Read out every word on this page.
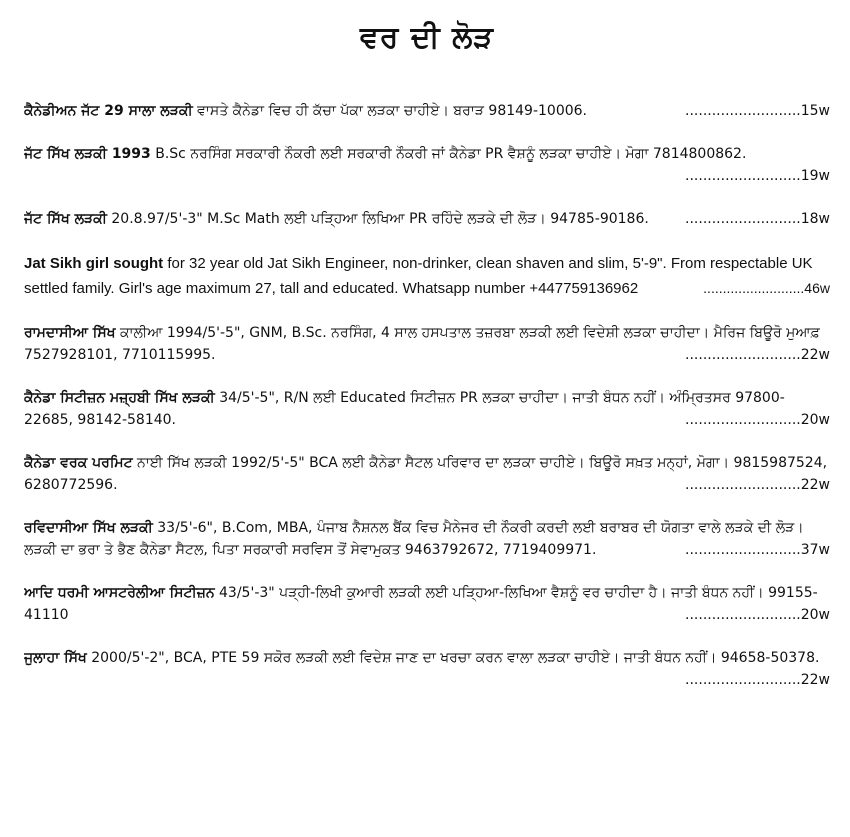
ਵਰ ਦੀ ਲੋੜ
ਕੈਨੇਡੀਅਨ ਜੱਟ 29 ਸਾਲਾ ਲੜਕੀ ਵਾਸਤੇ ਕੈਨੇਡਾ ਵਿਚ ਹੀ ਕੱਚਾ ਪੱਕਾ ਲੜਕਾ ਚਾਹੀਏ। ਬਰਾੜ 98149-10006.	..........................15w
ਜੱਟ ਸਿੱਖ ਲੜਕੀ 1993 B.Sc ਨਰਸਿੰਗ ਸਰਕਾਰੀ ਨੌਕਰੀ ਲਈ ਸਰਕਾਰੀ ਨੌਕਰੀ ਜਾਂ ਕੈਨੇਡਾ PR ਵੈਸ਼ਨੂੰ ਲੜਕਾ ਚਾਹੀਏ। ਮੋਗਾ 7814800862.
..........................19w
ਜੱਟ ਸਿੱਖ ਲੜਕੀ 20.8.97/5'-3" M.Sc Math ਲਈ ਪੜ੍ਹਿਆ ਲਿਖਿਆ PR ਰਹਿੰਦੇ ਲੜਕੇ ਦੀ ਲੋੜ। 94785-90186.	..........................18w
Jat Sikh girl sought for 32 year old Jat Sikh Engineer, non-drinker, clean shaven and slim, 5'-9". From respectable UK settled family. Girl's age maximum 27, tall and educated. Whatsapp number +447759136962	..........................46w
ਰਾਮਦਾਸੀਆ ਸਿੱਖ ਕਾਲੀਆ 1994/5'-5", GNM, B.Sc. ਨਰਸਿੰਗ, 4 ਸਾਲ ਹਸਪਤਾਲ ਤਜ਼ਰਬਾ ਲੜਕੀ ਲਈ ਵਿਦੇਸ਼ੀ ਲੜਕਾ ਚਾਹੀਦਾ। ਮੈਰਿਜ ਬਿਊਰੋ ਮੁਆਫ਼ 7527928101, 7710115995.	..........................22w
ਕੈਨੇਡਾ ਸਿਟੀਜ਼ਨ ਮਜ਼੍ਹਬੀ ਸਿੱਖ ਲੜਕੀ 34/5'-5", R/N ਲਈ Educated ਸਿਟੀਜ਼ਨ PR ਲੜਕਾ ਚਾਹੀਦਾ। ਜਾਤੀ ਬੰਧਨ ਨਹੀਂ। ਅੰਮ੍ਰਿਤਸਰ 97800-22685, 98142-58140.	..........................20w
ਕੈਨੇਡਾ ਵਰਕ ਪਰਮਿਟ ਨਾਈ ਸਿੱਖ ਲੜਕੀ 1992/5'-5" BCA ਲਈ ਕੈਨੇਡਾ ਸੈਟਲ ਪਰਿਵਾਰ ਦਾ ਲੜਕਾ ਚਾਹੀਏ। ਬਿਊਰੋ ਸਖ਼ਤ ਮਨ੍ਹਾਂ, ਮੋਗਾ। 9815987524, 6280772596.	..........................22w
ਰਵਿਦਾਸੀਆ ਸਿੱਖ ਲੜਕੀ 33/5'-6", B.Com, MBA, ਪੰਜਾਬ ਨੈਸ਼ਨਲ ਬੈਂਕ ਵਿਚ ਮੈਨੇਜਰ ਦੀ ਨੌਕਰੀ ਕਰਦੀ ਲਈ ਬਰਾਬਰ ਦੀ ਯੋਗਤਾ ਵਾਲੇ ਲੜਕੇ ਦੀ ਲੋੜ। ਲੜਕੀ ਦਾ ਭਰਾ ਤੇ ਭੈਣ ਕੈਨੇਡਾ ਸੈਟਲ, ਪਿਤਾ ਸਰਕਾਰੀ ਸਰਵਿਸ ਤੋਂ ਸੇਵਾਮੁਕਤ 9463792672, 7719409971.	..........................37w
ਆਦਿ ਧਰਮੀ ਆਸਟਰੇਲੀਆ ਸਿਟੀਜ਼ਨ 43/5'-3" ਪੜ੍ਹੀ-ਲਿਖੀ ਕੁਆਰੀ ਲੜਕੀ ਲਈ ਪੜ੍ਹਿਆ-ਲਿਖਿਆ ਵੈਸ਼ਨੂੰ ਵਰ ਚਾਹੀਦਾ ਹੈ। ਜਾਤੀ ਬੰਧਨ ਨਹੀਂ। 99155-41110	..........................20w
ਜੁਲਾਹਾ ਸਿੱਖ 2000/5'-2", BCA, PTE 59 ਸਕੋਰ ਲੜਕੀ ਲਈ ਵਿਦੇਸ਼ ਜਾਣ ਦਾ ਖਰਚਾ ਕਰਨ ਵਾਲਾ ਲੜਕਾ ਚਾਹੀਏ। ਜਾਤੀ ਬੰਧਨ ਨਹੀਂ। 94658-50378.
..........................22w
